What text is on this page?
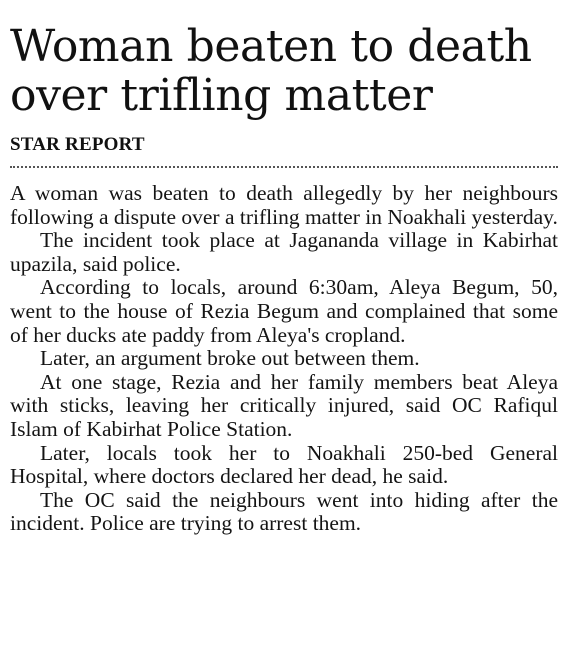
Woman beaten to death
over trifling matter
STAR REPORT

A woman was beaten to death allegedly by her neighbours following a dispute over a trifling matter in Noakhali yesterday.

The incident took place at Jagananda village in Kabirhat upazila, said police.

According to locals, around 6:30am, Aleya Begum, 50, went to the house of Rezia Begum and complained that some of her ducks ate paddy from Aleya's cropland.

Later, an argument broke out between them.

At one stage, Rezia and her family members beat Aleya with sticks, leaving her critically injured, said OC Rafiqul Islam of Kabirhat Police Station.

Later, locals took her to Noakhali 250-bed General Hospital, where doctors declared her dead, he said.

The OC said the neighbours went into hiding after the incident. Police are trying to arrest them.
